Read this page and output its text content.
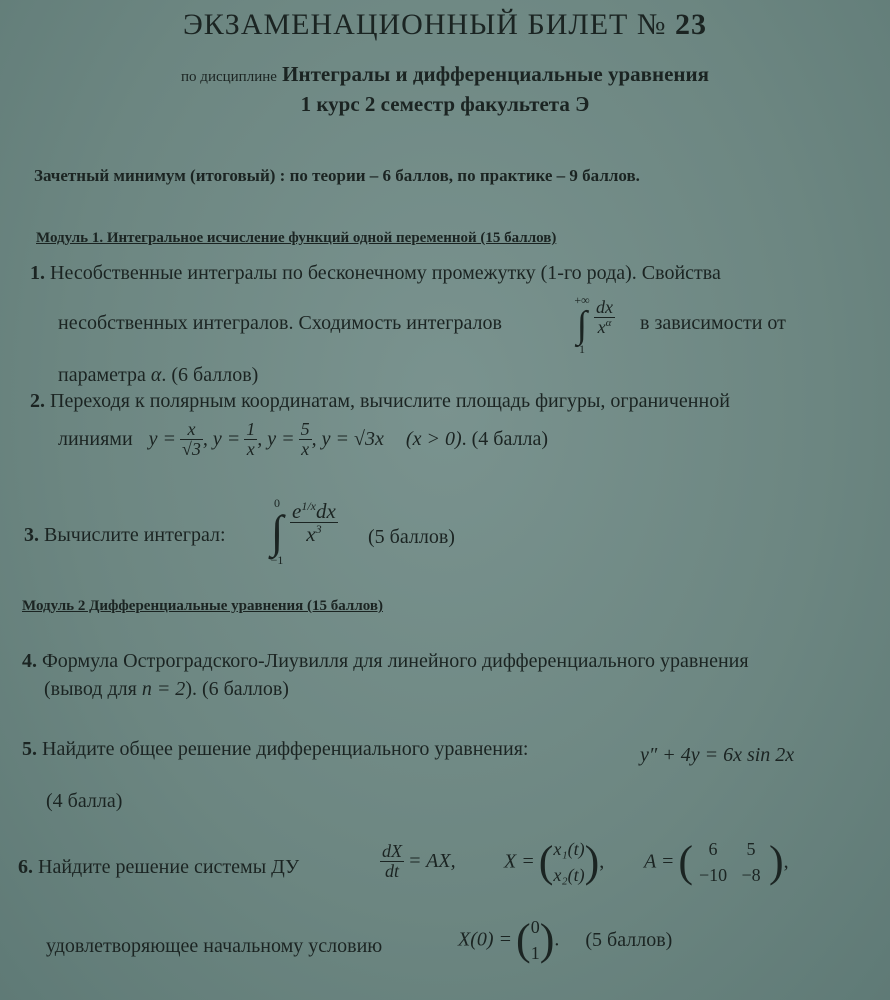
ЭКЗАМЕНАЦИОННЫЙ БИЛЕТ № 23
по дисциплине Интегралы и дифференциальные уравнения
1 курс 2 семестр факультета Э
Зачетный минимум (итоговый) : по теории – 6 баллов, по практике – 9 баллов.
Модуль 1. Интегральное исчисление функций одной переменной (15 баллов)
1. Несобственные интегралы по бесконечному промежутку (1-го рода). Свойства
несобственных интегралов. Сходимость интегралов
+∞
∫
1
$\frac{dx}{x^\alpha}$ в зависимости от
параметра α. (6 баллов)
2. Переходя к полярным координатам, вычислите площадь фигуры, ограниченной
линиями $y = \frac{x}{√3}$ , $y = \frac{1}{x}$ , $y = \frac{5}{x}$ , y = √3x (x > 0). (4 балла)
3. Вычислите интеграл:
0
∫
−1
$\frac{e^{1/x}dx}{x^3} (5$ баллов)
Модуль 2 Дифференциальные уравнения (15 баллов)
4. Формула Остроградского-Лиувилля для линейного дифференциального уравнения
(вывод для n = 2). (6 баллов)
5. Найдите общее решение дифференциального уравнения:	y″ + 4y = 6x sin 2x
(4 балла)
6. Найдите решение системы ДУ	$\frac{dX}{dt}$ = AX, X = ( x₁(t)
x₂(t) ), A = ( 6 5
−10 −8 ),
удовлетворяющее начальному условию	X(0) = ( 0
1 ). (5 баллов)
